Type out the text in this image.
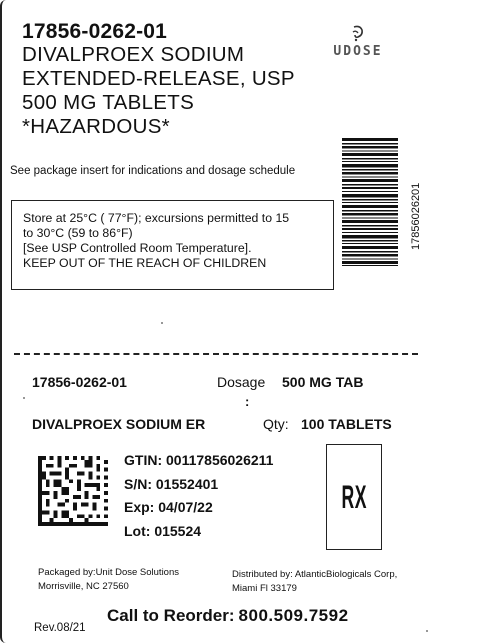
17856-0262-01
DIVALPROEX SODIUM
EXTENDED-RELEASE, USP
500 MG TABLETS
*HAZARDOUS*
UDOSE
See package insert for indications and dosage schedule
Store at 25°C ( 77°F); excursions permitted to 15
to 30°C (59 to 86°F)
[See USP Controlled Room Temperature].
KEEP OUT OF THE REACH OF CHILDREN
17856026201
17856-0262-01	Dosage 500 MG TAB
:
DIVALPROEX SODIUM ER	Qty: 100 TABLETS
GTIN: 00117856026211
S/N: 01552401
Exp: 04/07/22
Lot: 015524
RX
Packaged by:Unit Dose Solutions
Morrisville, NC 27560
Distributed by: AtlanticBiologicals Corp,
Miami Fl 33179
Rev.08/21
Call to Reorder: 800.509.7592
